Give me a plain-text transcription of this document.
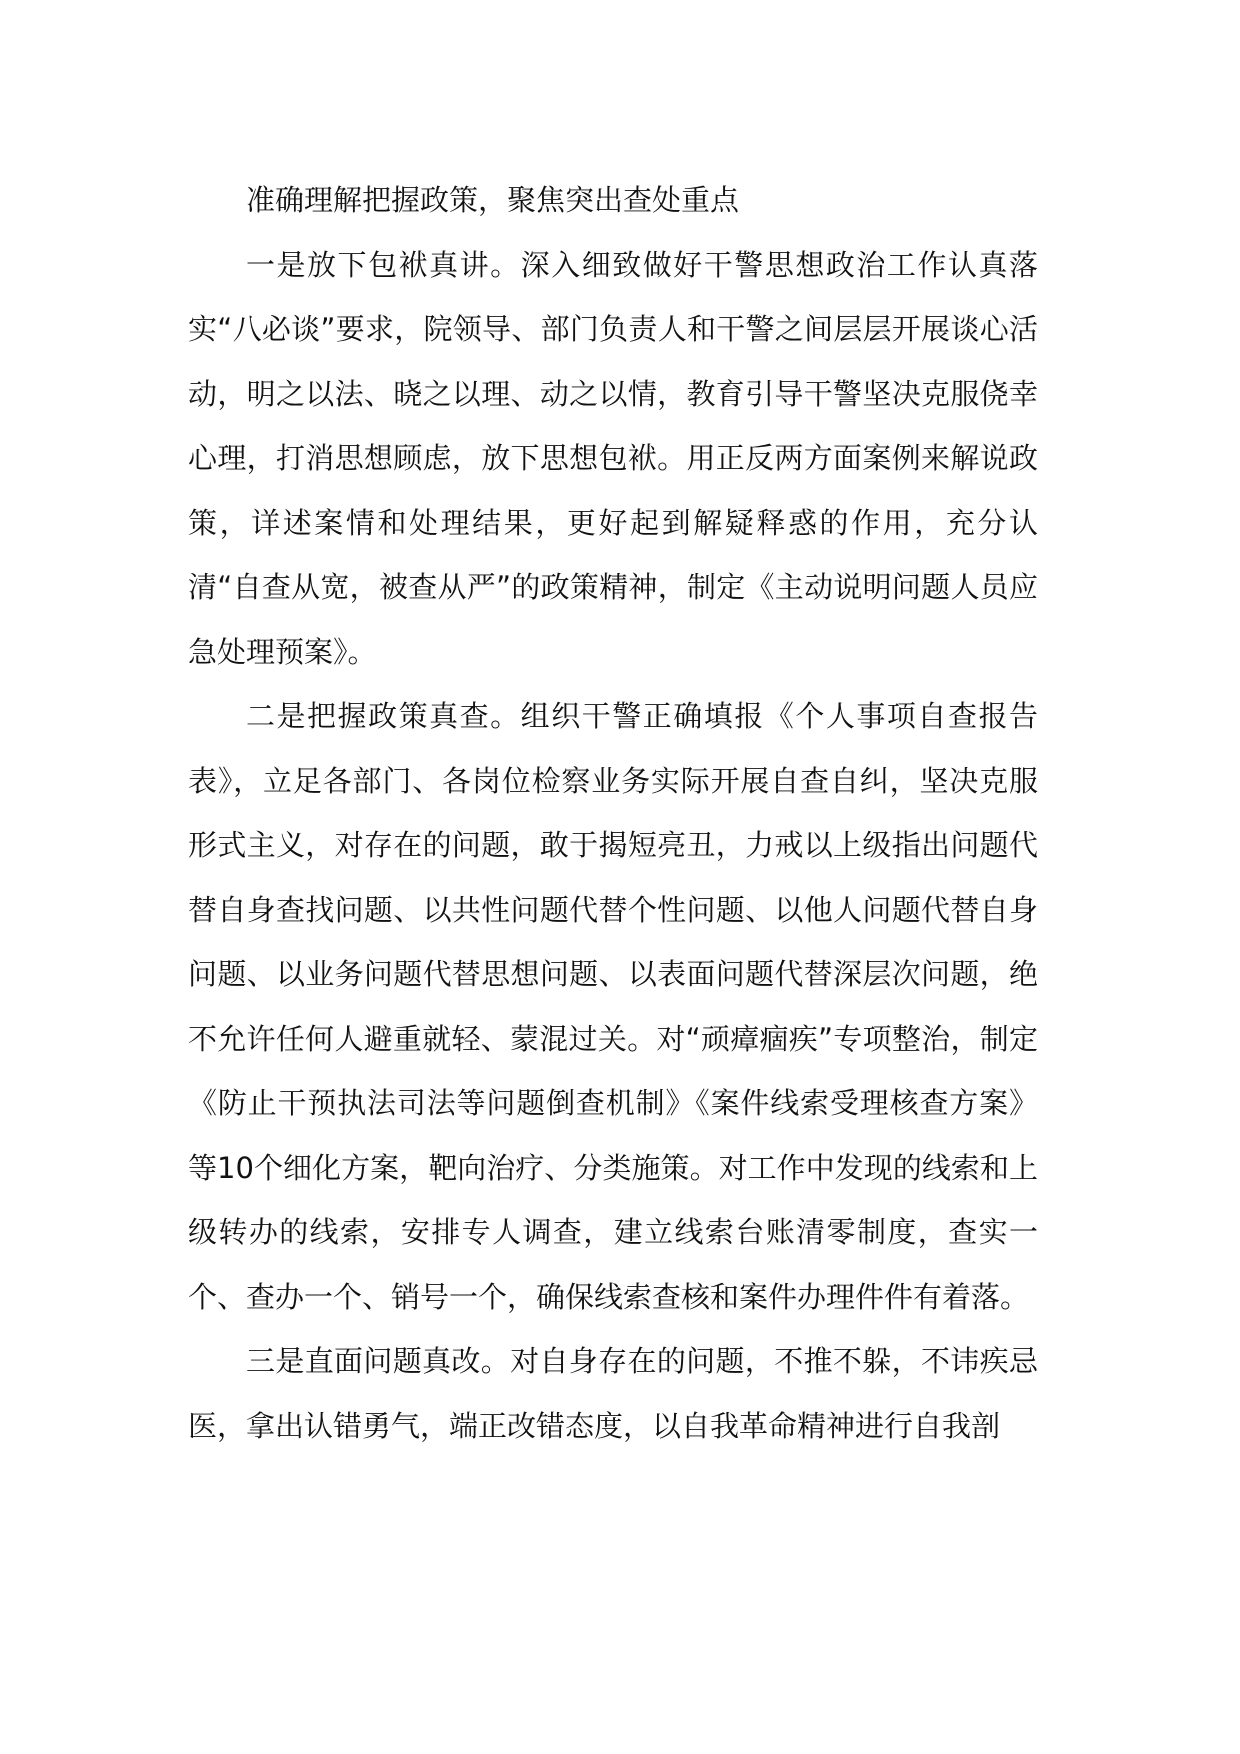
准确理解把握政策，聚焦突出查处重点

一是放下包袱真讲。深入细致做好干警思想政治工作认真落实“八必谈”要求，院领导、部门负责人和干警之间层层开展谈心活动，明之以法、晓之以理、动之以情，教育引导干警坚决克服侥幸心理，打消思想顾虑，放下思想包袱。用正反两方面案例来解说政策，详述案情和处理结果，更好起到解疑释惑的作用，充分认清“自查从宽，被查从严”的政策精神，制定《主动说明问题人员应急处理预案》。

二是把握政策真查。组织干警正确填报《个人事项自查报告表》，立足各部门、各岗位检察业务实际开展自查自纠，坚决克服形式主义，对存在的问题，敢于揭短亮丑，力戒以上级指出问题代替自身查找问题、以共性问题代替个性问题、以他人问题代替自身问题、以业务问题代替思想问题、以表面问题代替深层次问题，绝不允许任何人避重就轻、蒙混过关。对“顽瘴痼疾”专项整治，制定《防止干预执法司法等问题倒查机制》《案件线索受理核查方案》等10个细化方案，靶向治疗、分类施策。对工作中发现的线索和上级转办的线索，安排专人调查，建立线索台账清零制度，查实一个、查办一个、销号一个，确保线索查核和案件办理件件有着落。

三是直面问题真改。对自身存在的问题，不推不躲，不讳疾忌医，拿出认错勇气，端正改错态度，以自我革命精神进行自我剖
